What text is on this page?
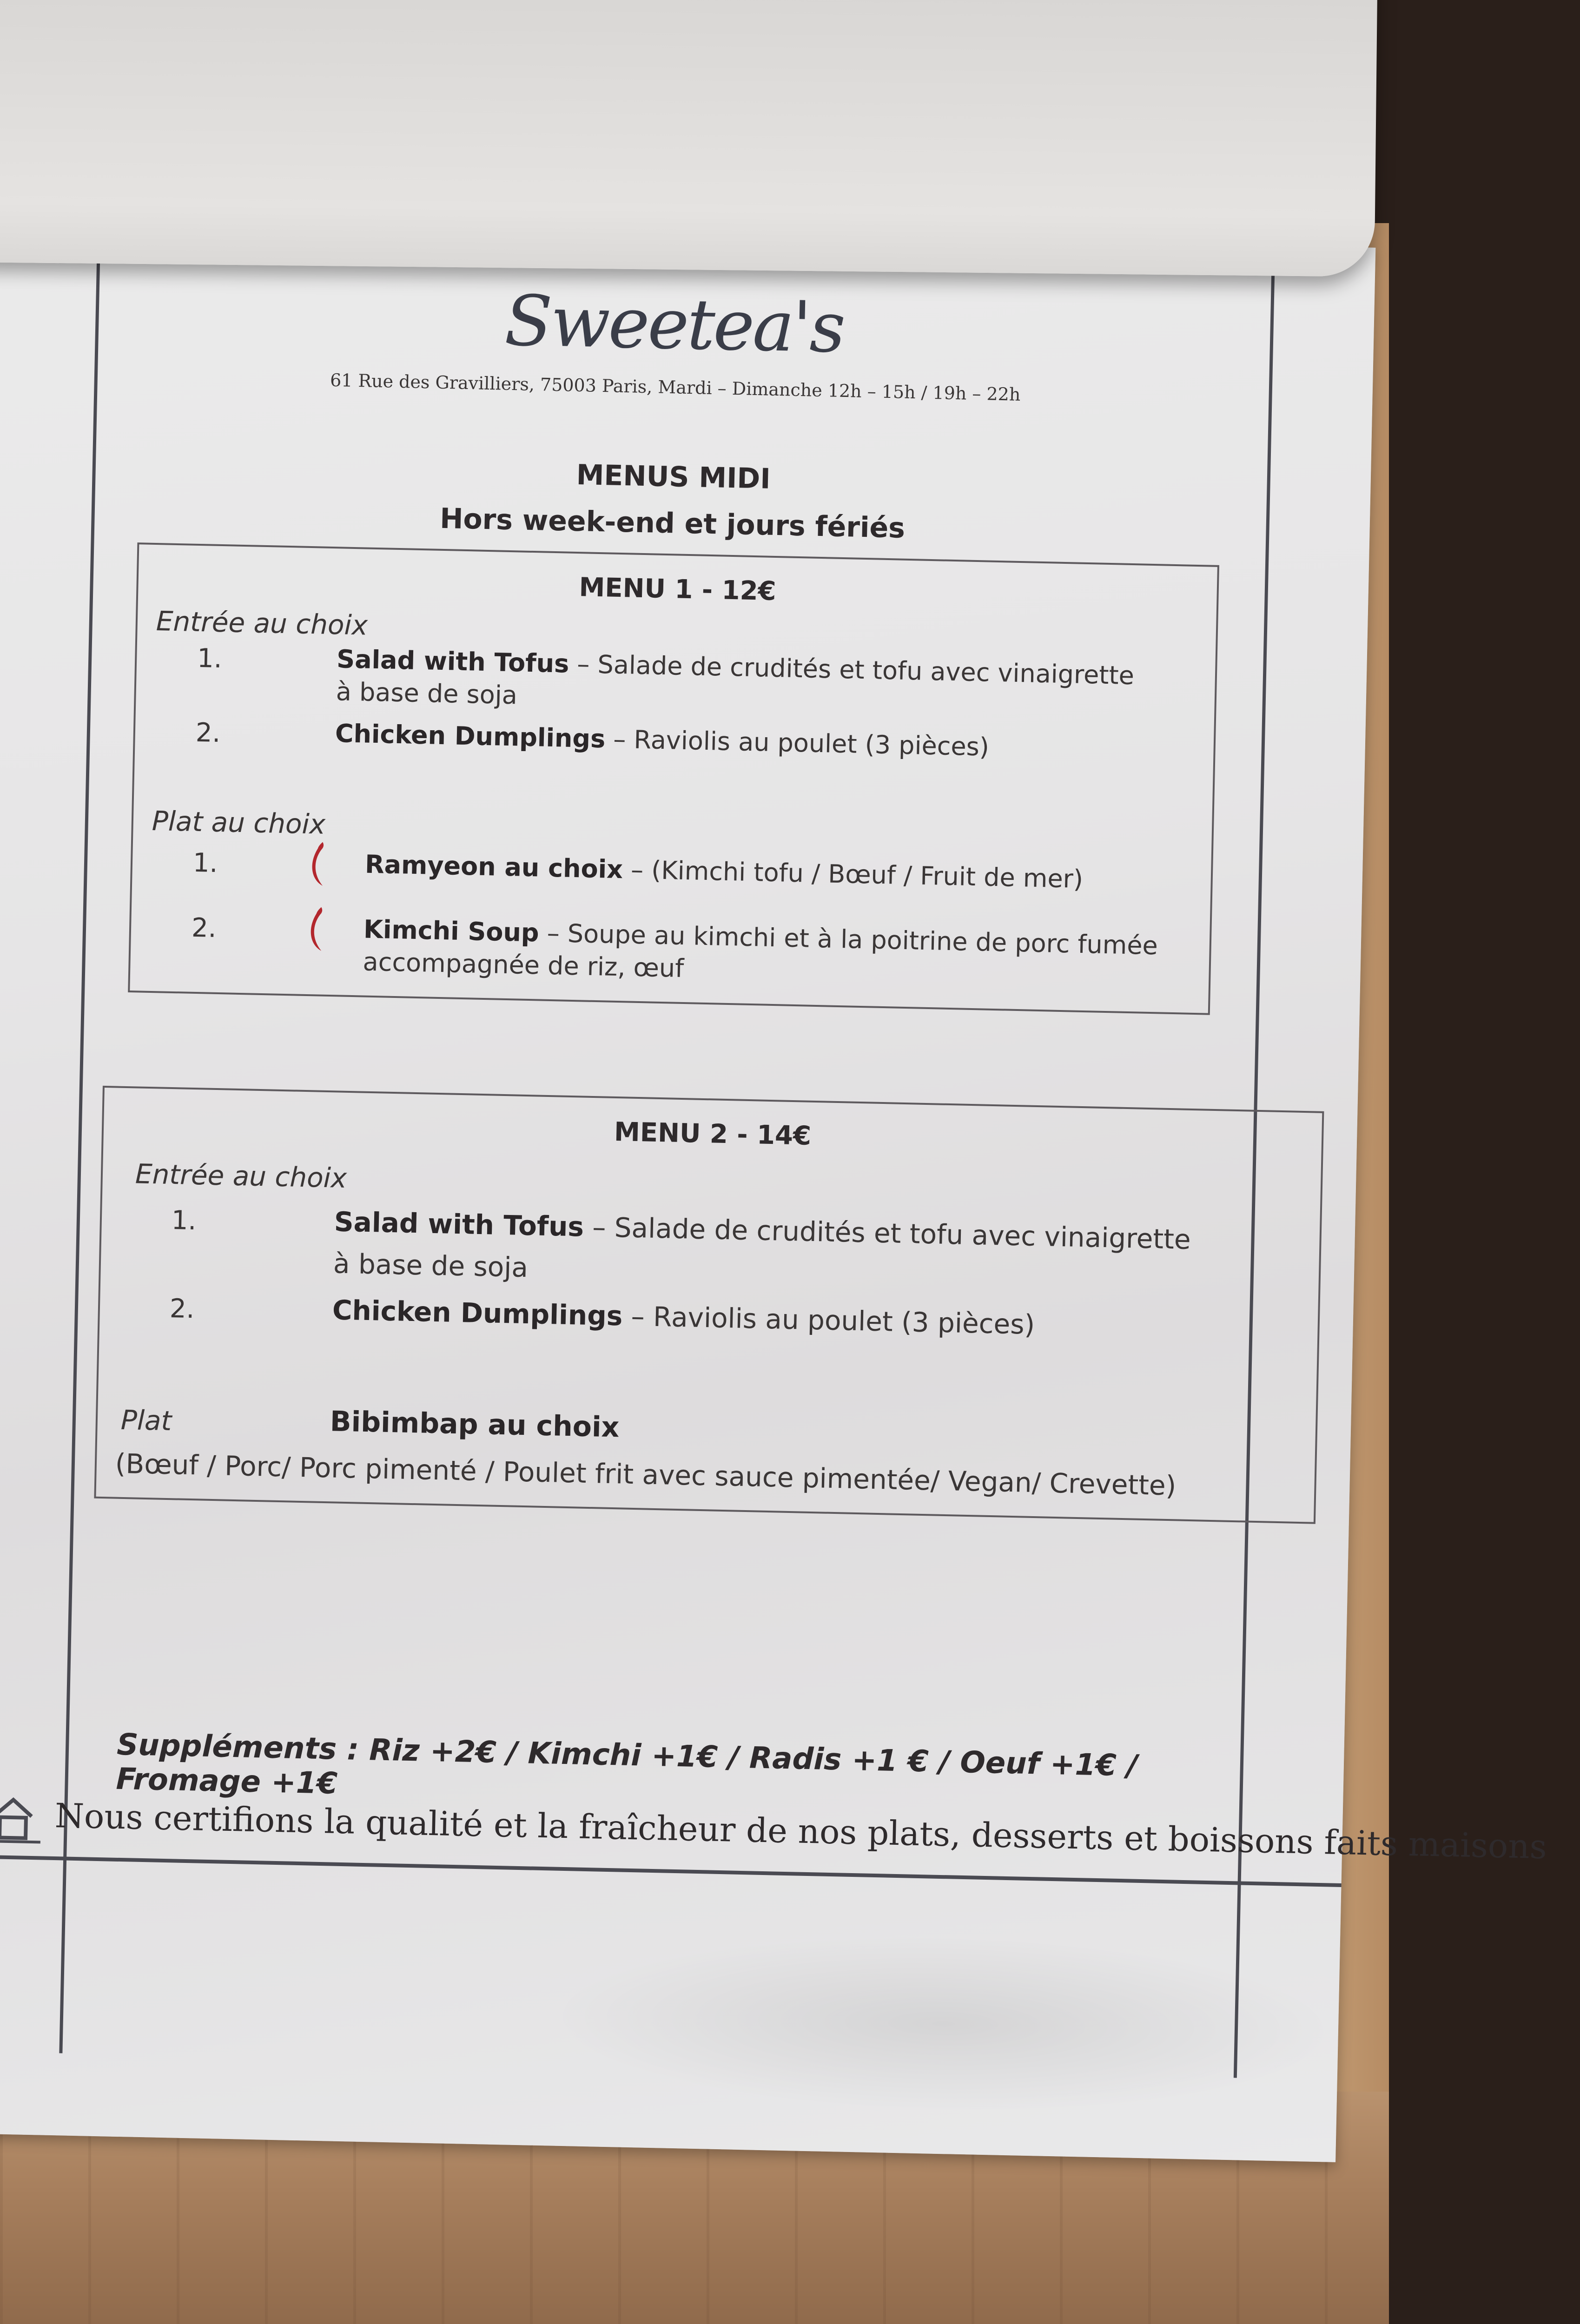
Sweetea's
61 Rue des Gravilliers, 75003 Paris, Mardi – Dimanche 12h – 15h / 19h – 22h
MENUS MIDI
Hors week-end et jours fériés
MENU 1 - 12€
Entrée au choix
1.	Salad with Tofus – Salade de crudités et tofu avec vinaigrette
à base de soja
2.	Chicken Dumplings – Raviolis au poulet (3 pièces)
Plat au choix
1.	Ramyeon au choix – (Kimchi tofu / Bœuf / Fruit de mer)
2.	Kimchi Soup – Soupe au kimchi et à la poitrine de porc fumée
accompagnée de riz, œuf
MENU 2 - 14€
Entrée au choix
1.	Salad with Tofus – Salade de crudités et tofu avec vinaigrette
à base de soja
2.	Chicken Dumplings – Raviolis au poulet (3 pièces)
Plat	Bibimbap au choix
(Bœuf / Porc/ Porc pimenté / Poulet frit avec sauce pimentée/ Vegan/ Crevette)
Suppléments : Riz +2€ / Kimchi +1€ / Radis +1 € / Oeuf +1€ / Fromage +1€
Nous certifions la qualité et la fraîcheur de nos plats, desserts et boissons faits maisons
